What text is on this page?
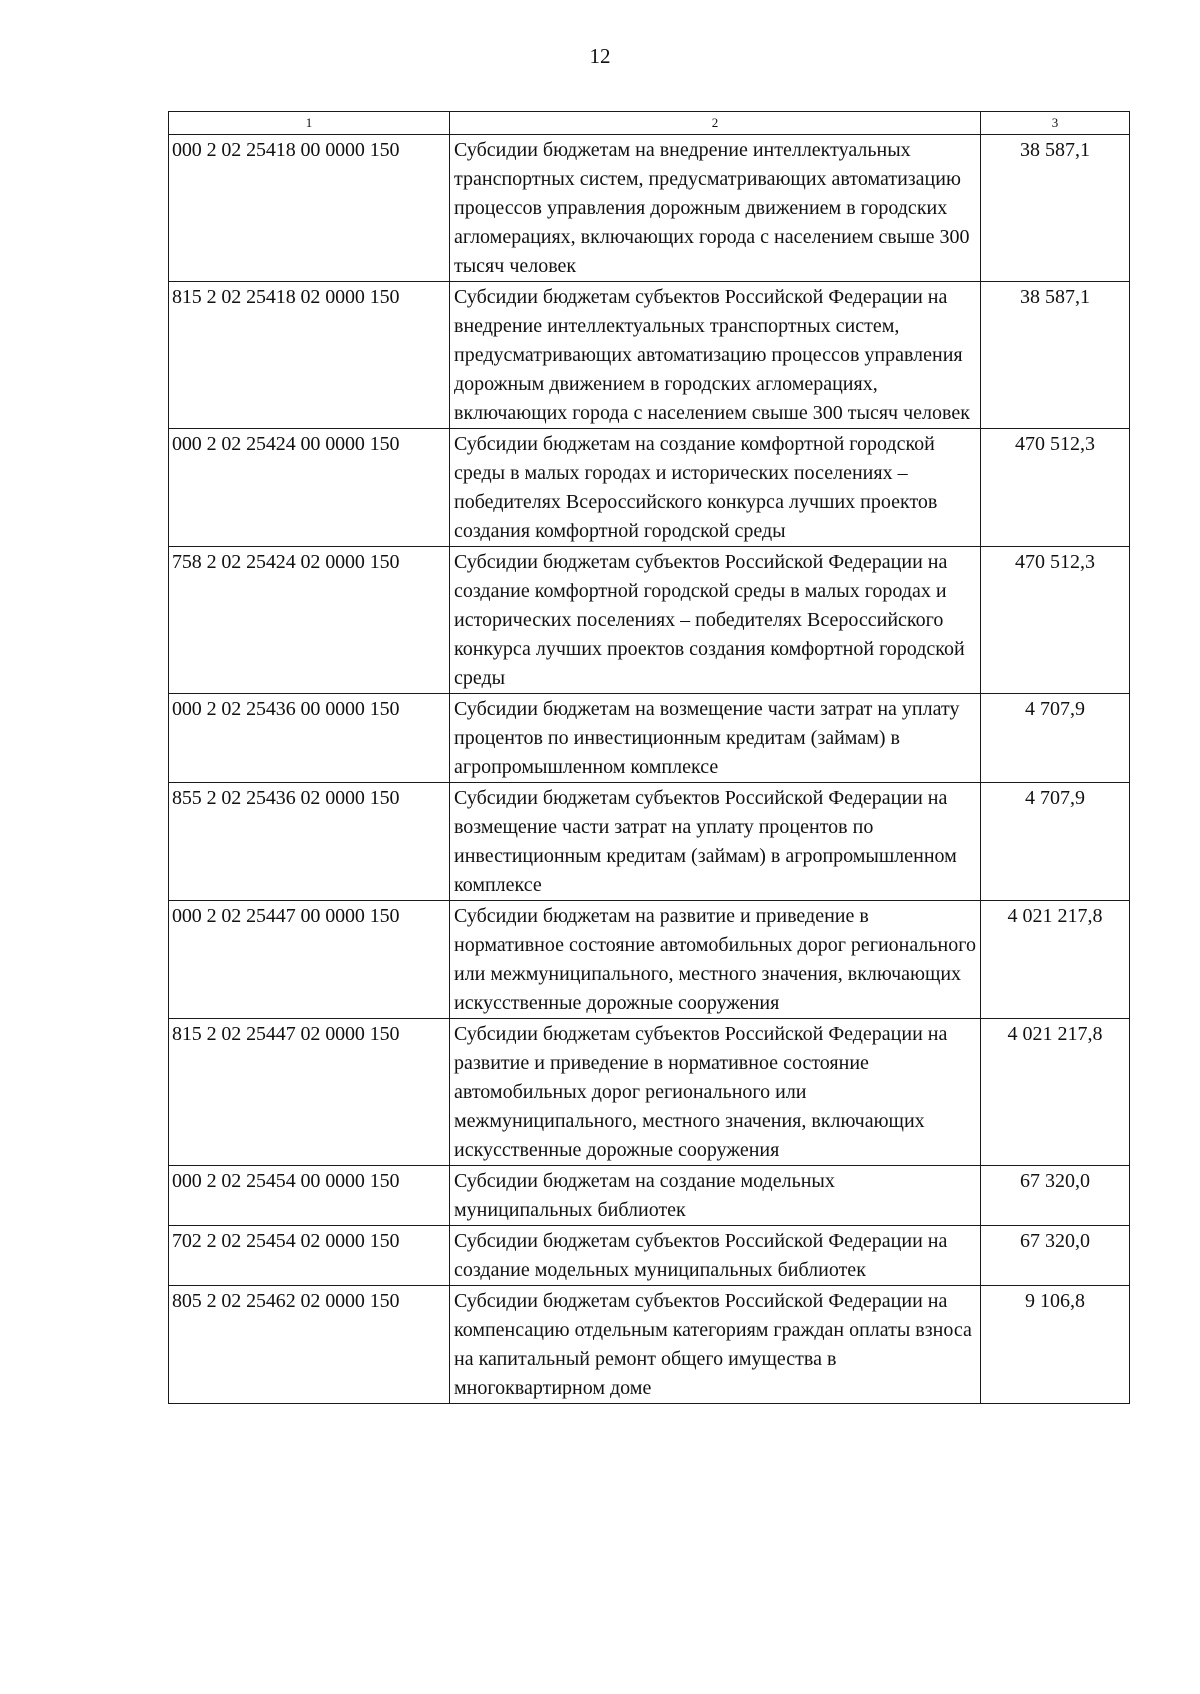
12
1	2	3
000 2 02 25418 00 0000 150	Субсидии бюджетам на внедрение интеллектуальных транспортных систем, предусматривающих автоматизацию процессов управления дорожным движением в городских агломерациях, включающих города с населением свыше 300 тысяч человек	38 587,1
815 2 02 25418 02 0000 150	Субсидии бюджетам субъектов Российской Федерации на внедрение интеллектуальных транспортных систем, предусматривающих автоматизацию процессов управления дорожным движением в городских агломерациях, включающих города с населением свыше 300 тысяч человек	38 587,1
000 2 02 25424 00 0000 150	Субсидии бюджетам на создание комфортной городской среды в малых городах и исторических поселениях – победителях Всероссийского конкурса лучших проектов создания комфортной городской среды	470 512,3
758 2 02 25424 02 0000 150	Субсидии бюджетам субъектов Российской Федерации на создание комфортной городской среды в малых городах и исторических поселениях – победителях Всероссийского конкурса лучших проектов создания комфортной городской среды	470 512,3
000 2 02 25436 00 0000 150	Субсидии бюджетам на возмещение части затрат на уплату процентов по инвестиционным кредитам (займам) в агропромышленном комплексе	4 707,9
855 2 02 25436 02 0000 150	Субсидии бюджетам субъектов Российской Федерации на возмещение части затрат на уплату процентов по инвестиционным кредитам (займам) в агропромышленном комплексе	4 707,9
000 2 02 25447 00 0000 150	Субсидии бюджетам на развитие и приведение в нормативное состояние автомобильных дорог регионального или межмуниципального, местного значения, включающих искусственные дорожные сооружения	4 021 217,8
815 2 02 25447 02 0000 150	Субсидии бюджетам субъектов Российской Федерации на развитие и приведение в нормативное состояние автомобильных дорог регионального или межмуниципального, местного значения, включающих искусственные дорожные сооружения	4 021 217,8
000 2 02 25454 00 0000 150	Субсидии бюджетам на создание модельных муниципальных библиотек	67 320,0
702 2 02 25454 02 0000 150	Субсидии бюджетам субъектов Российской Федерации на создание модельных муниципальных библиотек	67 320,0
805 2 02 25462 02 0000 150	Субсидии бюджетам субъектов Российской Федерации на компенсацию отдельным категориям граждан оплаты взноса на капитальный ремонт общего имущества в многоквартирном доме	9 106,8
